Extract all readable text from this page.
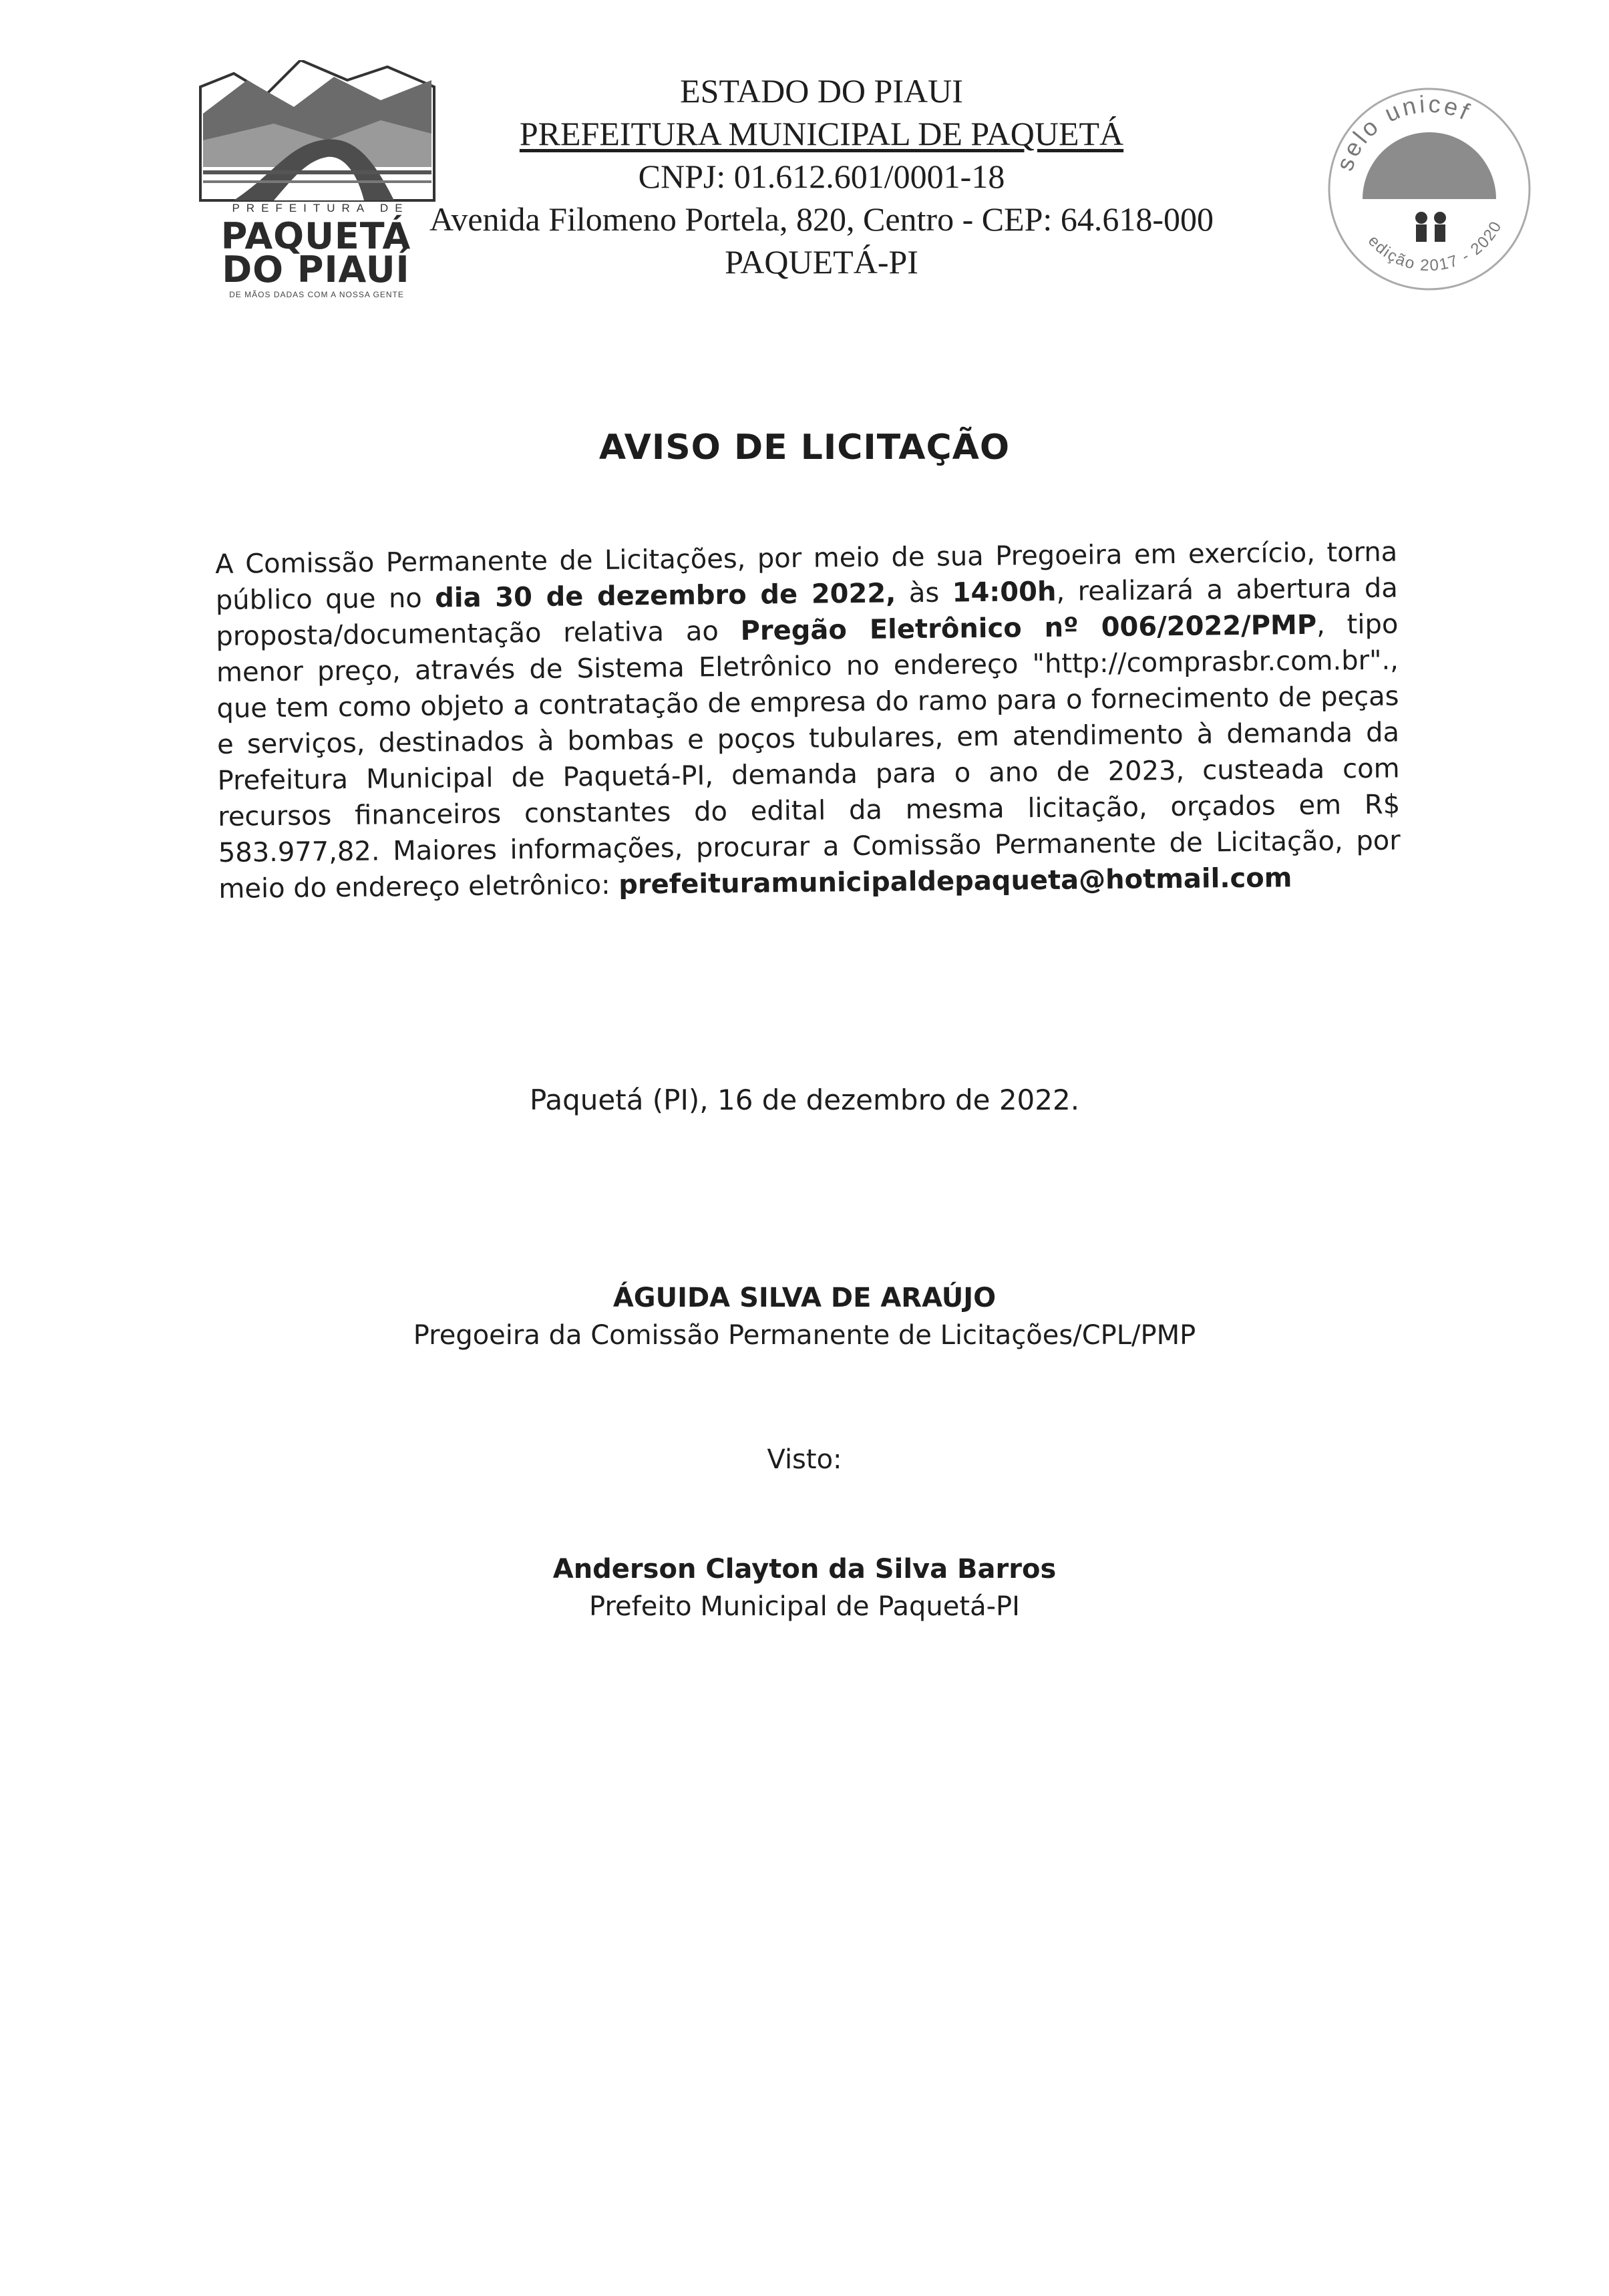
PREFEITURA DE
PAQUETÁ
DO PIAUÍ
DE MÃOS DADAS COM A NOSSA GENTE
ESTADO DO PIAUI
PREFEITURA MUNICIPAL DE PAQUETÁ
CNPJ: 01.612.601/0001-18
Avenida Filomeno Portela, 820, Centro - CEP: 64.618-000
PAQUETÁ-PI
selo unicef
edição 2017 - 2020
AVISO DE LICITAÇÃO
A Comissão Permanente de Licitações, por meio de sua Pregoeira em exercício, torna público que no dia 30 de dezembro de 2022, às 14:00h, realizará a abertura da proposta/documentação relativa ao Pregão Eletrônico nº 006/2022/PMP, tipo menor preço, através de Sistema Eletrônico no endereço "http://comprasbr.com.br"., que tem como objeto a contratação de empresa do ramo para o fornecimento de peças e serviços, destinados à bombas e poços tubulares, em atendimento à demanda da Prefeitura Municipal de Paquetá-PI, demanda para o ano de 2023, custeada com recursos financeiros constantes do edital da mesma licitação, orçados em R$ 583.977,82. Maiores informações, procurar a Comissão Permanente de Licitação, por meio do endereço eletrônico: prefeituramunicipaldepaqueta@hotmail.com
Paquetá (PI), 16 de dezembro de 2022.
ÁGUIDA SILVA DE ARAÚJO
Pregoeira da Comissão Permanente de Licitações/CPL/PMP
Visto:
Anderson Clayton da Silva Barros
Prefeito Municipal de Paquetá-PI
